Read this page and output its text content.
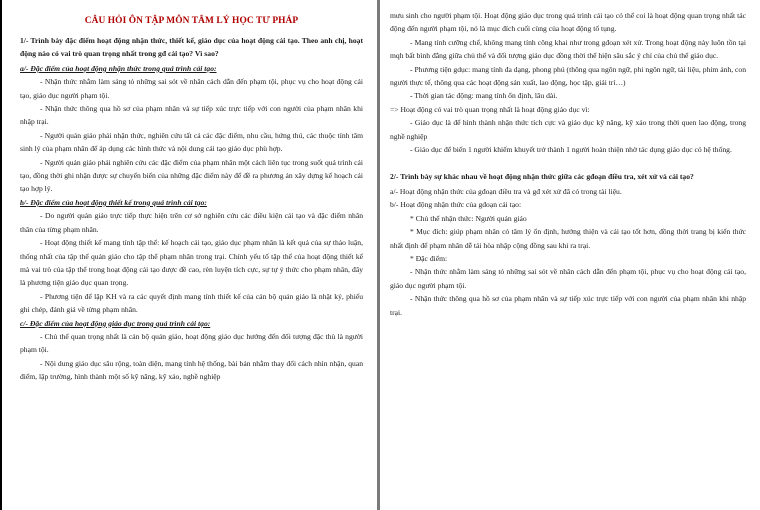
CÂU HỎI ÔN TẬP MÔN TÂM LÝ HỌC TƯ PHÁP

1/- Trình bày đặc điểm hoạt động nhận thức, thiết kế, giáo dục của hoạt động cải tạo. Theo anh chị, hoạt động nào có vai trò quan trọng nhất trong gđ cải tạo? Vì sao?

a/- Đặc điểm của hoạt động nhận thức trong quá trình cải tạo:

- Nhận thức nhằm làm sáng tỏ những sai sót về nhân cách dẫn đến phạm tội, phục vụ cho hoạt động cải tạo, giáo dục người phạm tội.

- Nhận thức thông qua hồ sơ của phạm nhân và sự tiếp xúc trực tiếp với con người của phạm nhân khi nhập trại.

- Người quản giáo phải nhận thức, nghiên cứu tất cả các đặc điểm, nhu cầu, hứng thú, các thuộc tính tâm sinh lý của phạm nhân để áp dụng các hình thức và nội dung cải tạo giáo dục phù hợp.

- Người quản giáo phải nghiên cứu các đặc điểm của phạm nhân một cách liên tục trong suốt quá trình cải tạo, đồng thời ghi nhận được sự chuyển biến của những đặc điểm này để đề ra phương án xây dựng kế hoạch cải tạo hợp lý.

b/- Đặc điểm của hoạt động thiết kế trong quá trình cải tạo:

- Do người quản giáo trực tiếp thực hiện trên cơ sở nghiên cứu các điều kiện cải tạo và đặc điểm nhân thân của từng phạm nhân.

- Hoạt động thiết kế mang tính tập thể: kế hoạch cải tạo, giáo dục phạm nhân là kết quả của sự thảo luận, thống nhất của tập thể quản giáo cho tập thể phạm nhân trong trại. Chính yếu tố tập thể của hoạt động thiết kế mà vai trò của tập thể trong hoạt động cải tạo được đề cao, rèn luyện tích cực, sự tự ý thức cho phạm nhân, đây là phương tiện giáo dục quan trọng.

- Phương tiện để lập KH và ra các quyết định mang tính thiết kế của cán bộ quản giáo là nhật ký, phiếu ghi chép, đánh giá về từng phạm nhân.

c/- Đặc điểm của hoạt động giáo dục trong quá trình cải tạo:

- Chủ thể quan trọng nhất là cán bộ quản giáo, hoạt động giáo dục hướng đến đối tượng đặc thù là người phạm tội.

- Nội dung giáo dục sâu rộng, toàn diện, mang tính hệ thống, bài bản nhằm thay đổi cách nhìn nhận, quan điểm, lập trường, hình thành một số kỹ năng, kỹ xảo, nghề nghiệp

mưu sinh cho người phạm tội. Hoạt động giáo dục trong quá trình cải tạo có thể coi là hoạt động quan trọng nhất tác động đến người phạm tội, nó là mục đích cuối cùng của hoạt động tố tụng.

- Mang tính cưỡng chế, không mang tính công khai như trong gđoạn xét xử. Trong hoạt động này luôn tồn tại mqh bất bình đẳng giữa chủ thể và đối tượng giáo dục đồng thời thể hiện sâu sắc ý chí của chủ thể giáo dục.

- Phương tiện gdục: mang tính đa dạng, phong phú (thông qua ngôn ngữ, phi ngôn ngữ, tài liệu, phim ảnh, con người thực tế, thông qua các hoạt động sản xuất, lao động, học tập, giải trí…)

- Thời gian tác động: mang tính ổn định, lâu dài.

=> Hoạt động có vai trò quan trọng nhất là hoạt động giáo dục vì:

- Giáo dục là để hình thành nhận thức tích cực và giáo dục kỹ năng, kỹ xảo trong thời quen lao động, trong nghề nghiệp

- Giáo dục để biến 1 người khiếm khuyết trở thành 1 người hoàn thiện nhờ tác dụng giáo dục có hệ thống.

2/- Trình bày sự khác nhau về hoạt động nhận thức giữa các gđoạn điều tra, xét xử và cải tạo?

a/- Hoạt động nhận thức của gđoạn điều tra và gđ xét xử đã có trong tài liệu.

b/- Hoạt động nhận thức của gđoạn cải tạo:

* Chủ thể nhận thức: Người quản giáo

* Mục đích: giúp phạm nhân có tâm lý ổn định, hướng thiện và cải tạo tốt hơn, đồng thời trang bị kiến thức nhất định để phạm nhân dễ tái hòa nhập cộng đồng sau khi ra trại.

* Đặc điểm:

- Nhận thức nhằm làm sáng tỏ những sai sót về nhân cách dẫn đến phạm tội, phục vụ cho hoạt động cải tạo, giáo dục người phạm tội.

- Nhận thức thông qua hồ sơ của phạm nhân và sự tiếp xúc trực tiếp với con người của phạm nhân khi nhập trại.
